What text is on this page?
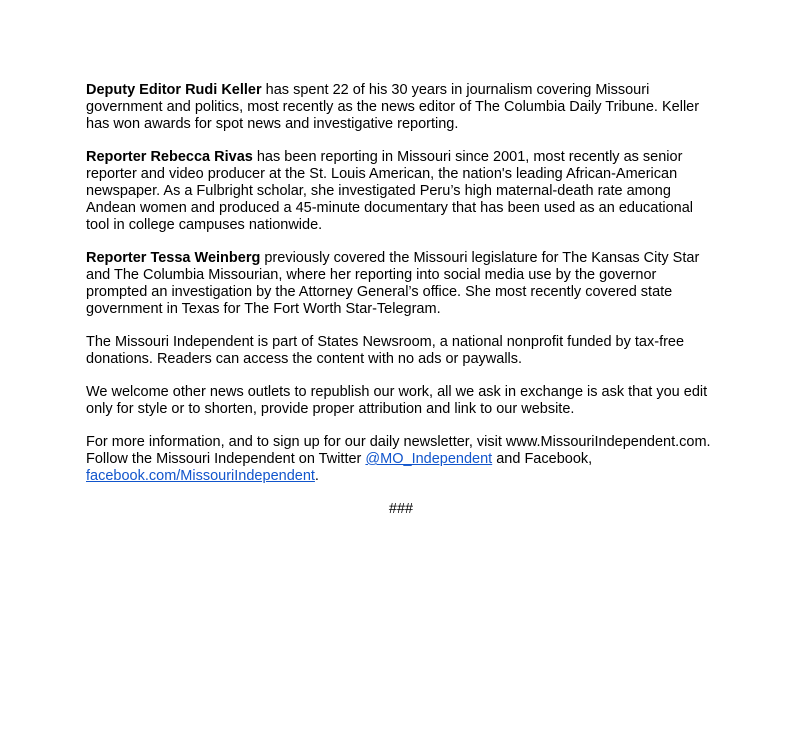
Deputy Editor Rudi Keller has spent 22 of his 30 years in journalism covering Missouri government and politics, most recently as the news editor of The Columbia Daily Tribune. Keller has won awards for spot news and investigative reporting.

Reporter Rebecca Rivas has been reporting in Missouri since 2001, most recently as senior reporter and video producer at the St. Louis American, the nation's leading African-American newspaper. As a Fulbright scholar, she investigated Peru’s high maternal-death rate among Andean women and produced a 45-minute documentary that has been used as an educational tool in college campuses nationwide.

Reporter Tessa Weinberg previously covered the Missouri legislature for The Kansas City Star and The Columbia Missourian, where her reporting into social media use by the governor prompted an investigation by the Attorney General’s office. She most recently covered state government in Texas for The Fort Worth Star-Telegram.

The Missouri Independent is part of States Newsroom, a national nonprofit funded by tax-free donations. Readers can access the content with no ads or paywalls.

We welcome other news outlets to republish our work, all we ask in exchange is ask that you edit only for style or to shorten, provide proper attribution and link to our website.

For more information, and to sign up for our daily newsletter, visit www.MissouriIndependent.com. Follow the Missouri Independent on Twitter @MO_Independent and Facebook, facebook.com/MissouriIndependent.

###
